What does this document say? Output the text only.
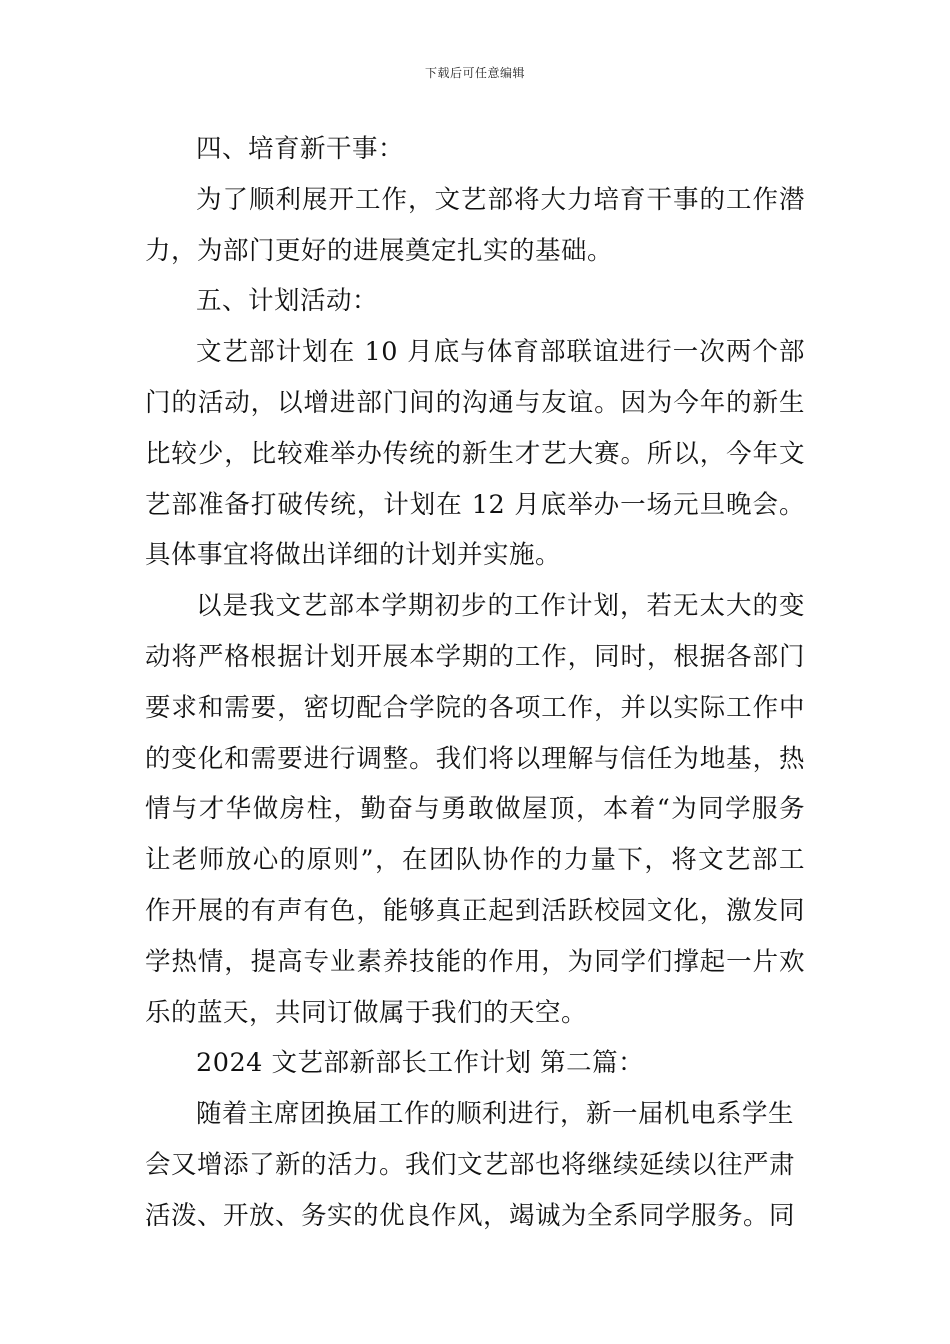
下载后可任意编辑

四、培育新干事：

为了顺利展开工作，文艺部将大力培育干事的工作潜力，为部门更好的进展奠定扎实的基础。

五、计划活动：

文艺部计划在 10 月底与体育部联谊进行一次两个部门的活动，以增进部门间的沟通与友谊。因为今年的新生比较少，比较难举办传统的新生才艺大赛。所以，今年文艺部准备打破传统，计划在 12 月底举办一场元旦晚会。具体事宜将做出详细的计划并实施。

以是我文艺部本学期初步的工作计划，若无太大的变动将严格根据计划开展本学期的工作，同时，根据各部门要求和需要，密切配合学院的各项工作，并以实际工作中的变化和需要进行调整。我们将以理解与信任为地基，热情与才华做房柱，勤奋与勇敢做屋顶，本着“为同学服务让老师放心的原则”，在团队协作的力量下，将文艺部工作开展的有声有色，能够真正起到活跃校园文化，激发同学热情，提高专业素养技能的作用，为同学们撑起一片欢乐的蓝天，共同订做属于我们的天空。

2024 文艺部新部长工作计划 第二篇：

随着主席团换届工作的顺利进行，新一届机电系学生会又增添了新的活力。我们文艺部也将继续延续以往严肃活泼、开放、务实的优良作风，竭诚为全系同学服务。同
